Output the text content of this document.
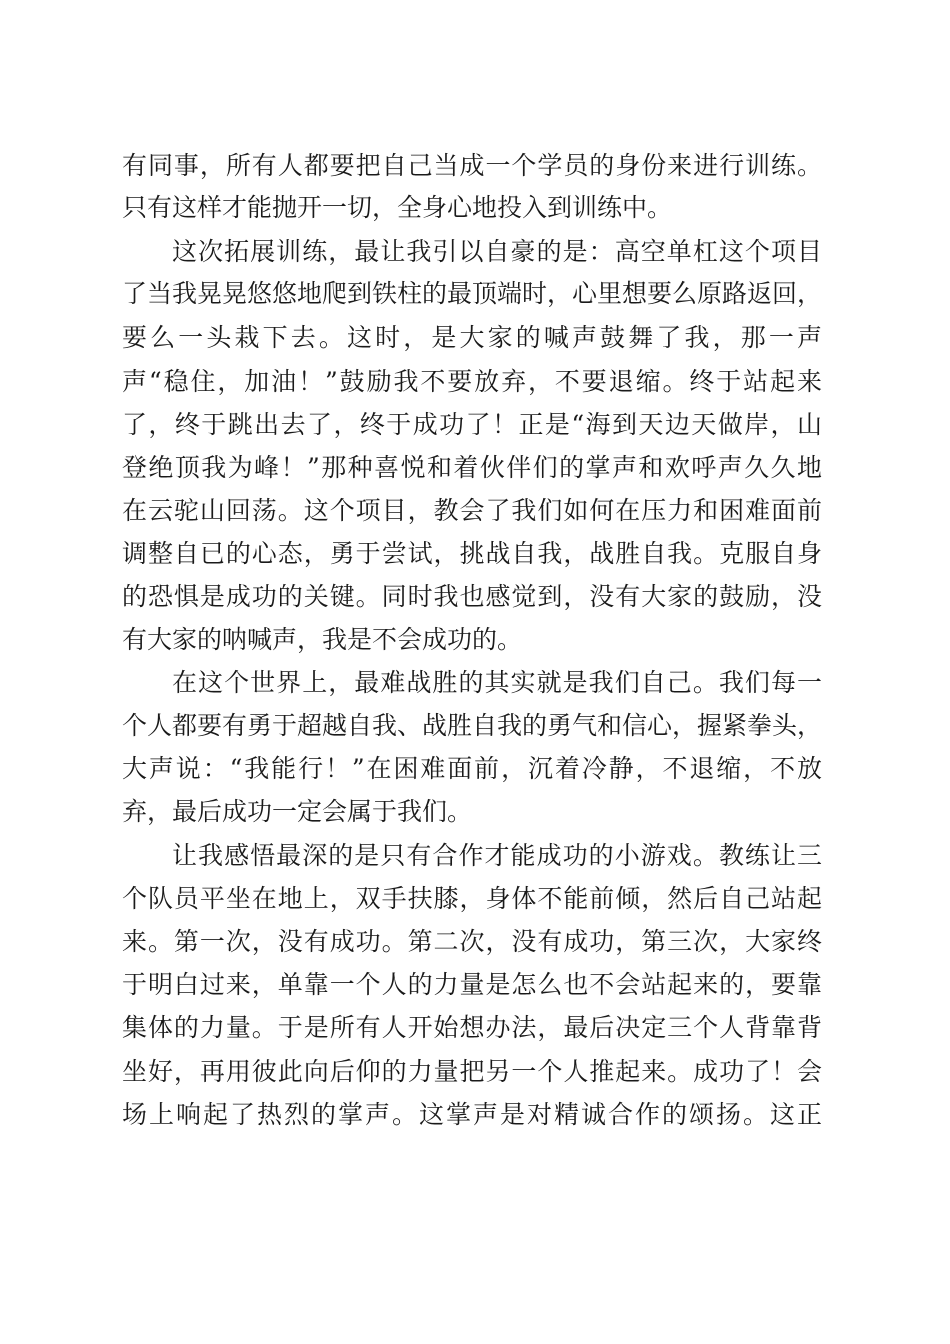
有同事，所有人都要把自己当成一个学员的身份来进行训练。
只有这样才能抛开一切，全身心地投入到训练中。
这次拓展训练，最让我引以自豪的是：高空单杠这个项目
了当我晃晃悠悠地爬到铁柱的最顶端时，心里想要么原路返回，
要么一头栽下去。这时，是大家的喊声鼓舞了我，那一声
声“稳住，加油！”鼓励我不要放弃，不要退缩。终于站起来
了，终于跳出去了，终于成功了！正是“海到天边天做岸，山
登绝顶我为峰！”那种喜悦和着伙伴们的掌声和欢呼声久久地
在云驼山回荡。这个项目，教会了我们如何在压力和困难面前
调整自已的心态，勇于尝试，挑战自我，战胜自我。克服自身
的恐惧是成功的关键。同时我也感觉到，没有大家的鼓励，没
有大家的呐喊声，我是不会成功的。
在这个世界上，最难战胜的其实就是我们自己。我们每一
个人都要有勇于超越自我、战胜自我的勇气和信心，握紧拳头，
大声说：“我能行！”在困难面前，沉着冷静，不退缩，不放
弃，最后成功一定会属于我们。
让我感悟最深的是只有合作才能成功的小游戏。教练让三
个队员平坐在地上，双手扶膝，身体不能前倾，然后自己站起
来。第一次，没有成功。第二次，没有成功，第三次，大家终
于明白过来，单靠一个人的力量是怎么也不会站起来的，要靠
集体的力量。于是所有人开始想办法，最后决定三个人背靠背
坐好，再用彼此向后仰的力量把另一个人推起来。成功了！会
场上响起了热烈的掌声。这掌声是对精诚合作的颂扬。这正
